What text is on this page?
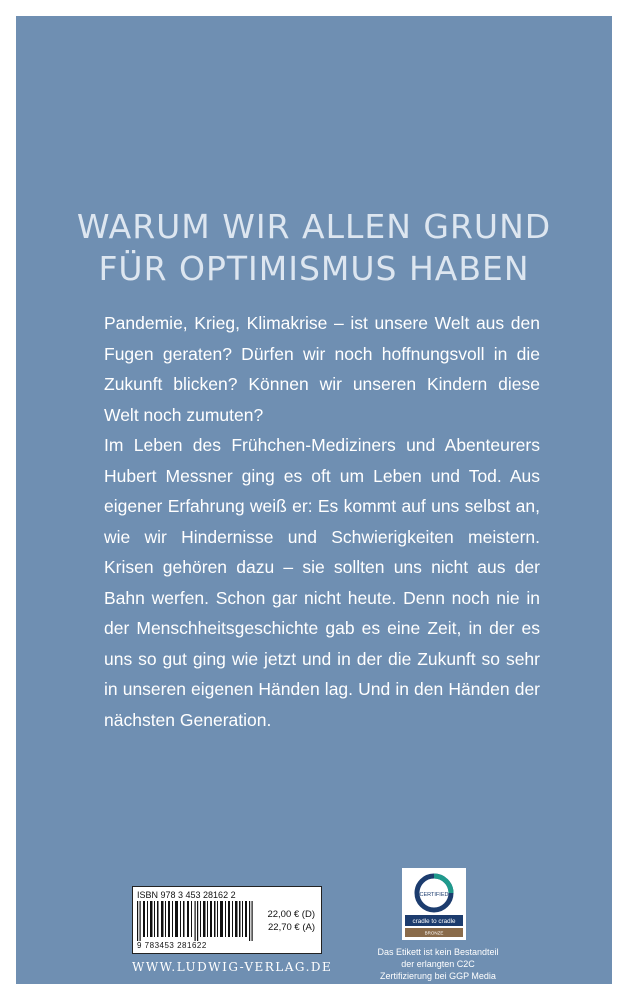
WARUM WIR ALLEN GRUND
FÜR OPTIMISMUS HABEN

Pandemie, Krieg, Klimakrise – ist unsere Welt aus den Fugen geraten? Dürfen wir noch hoffnungsvoll in die Zukunft blicken? Können wir unseren Kindern diese Welt noch zumuten?

Im Leben des Frühchen-Mediziners und Abenteurers Hubert Messner ging es oft um Leben und Tod. Aus eigener Erfahrung weiß er: Es kommt auf uns selbst an, wie wir Hindernisse und Schwierigkeiten meistern. Krisen gehören dazu – sie sollten uns nicht aus der Bahn werfen. Schon gar nicht heute. Denn noch nie in der Menschheitsgeschichte gab es eine Zeit, in der es uns so gut ging wie jetzt und in der die Zukunft so sehr in unseren eigenen Händen lag. Und in den Händen der nächsten Generation.

ISBN 978 3 453 28162 2
9 783453 281622
22,00 € (D)
22,70 € (A)
WWW.LUDWIG-VERLAG.DE
CERTIFIED
cradle to cradle
BRONZE
Das Etikett ist kein Bestandteil der erlangten C2C Zertifizierung bei GGP Media
